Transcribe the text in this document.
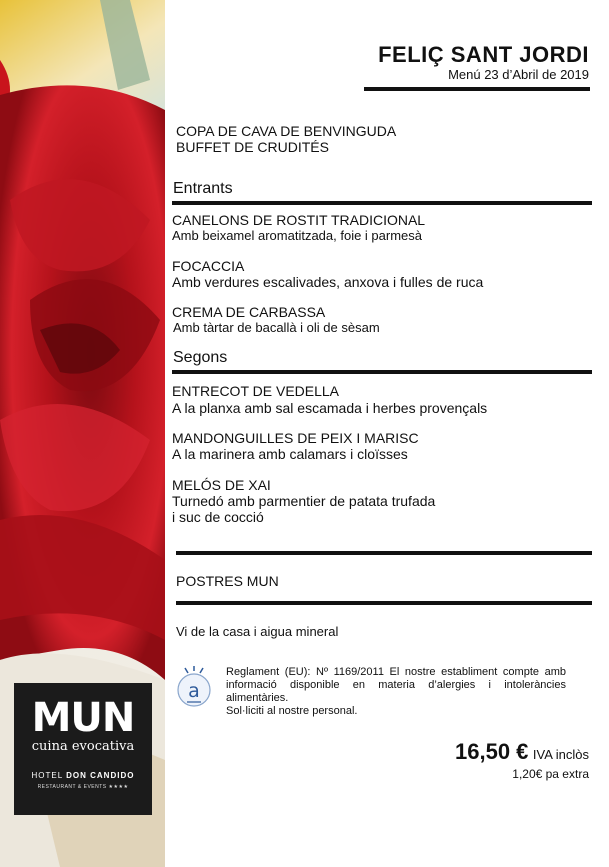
MUN
cuina evocativa
HOTEL DON CANDIDO
RESTAURANT & EVENTS ★★★★
FELIÇ SANT JORDI
Menú 23 d’Abril de 2019
COPA DE CAVA DE BENVINGUDA
BUFFET DE CRUDITÉS
Entrants
CANELONS DE ROSTIT TRADICIONAL
Amb beixamel aromatitzada, foie i parmesà
FOCACCIA
Amb verdures escalivades, anxova i fulles de ruca
CREMA DE CARBASSA
Amb tàrtar de bacallà i oli de sèsam
Segons
ENTRECOT DE VEDELLA
A la planxa amb sal escamada i herbes provençals
MANDONGUILLES DE PEIX I MARISC
A la marinera amb calamars i cloïsses
MELÓS DE XAI
Turnedó amb parmentier de patata trufada
i suc de cocció
POSTRES MUN
Vi de la casa i aigua mineral
a

Reglament (EU): Nº 1169/2011 El nostre establiment compte amb informació disponible en materia d’alergies i intoleràncies alimentàries.

Sol·liciti al nostre personal.

16,50 € IVA inclòs
1,20€ pa extra
